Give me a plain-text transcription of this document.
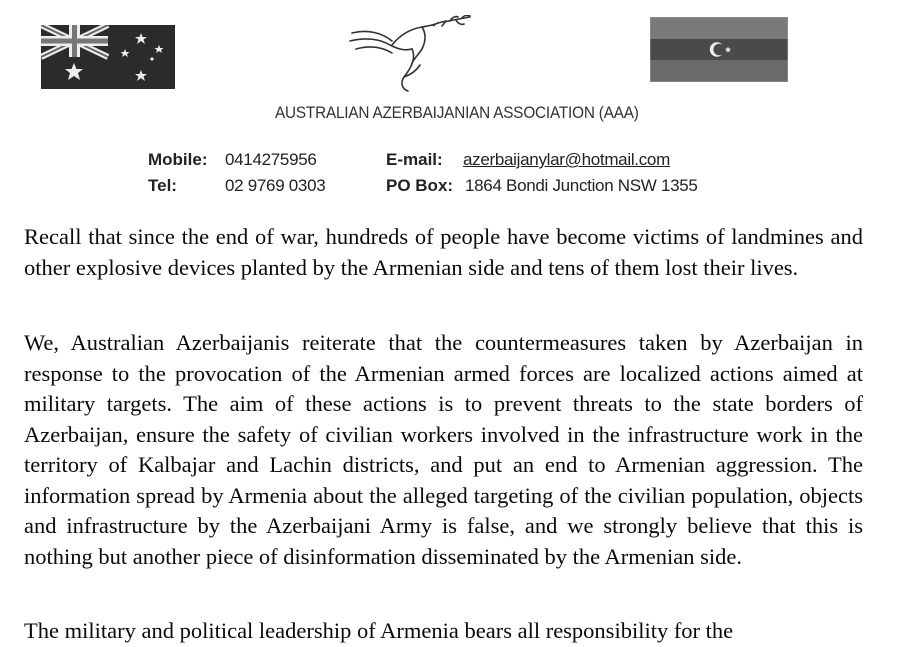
AUSTRALIAN AZERBAIJANIAN ASSOCIATION (AAA)
Mobile: 0414275956
Tel:	02 9769 0303
E-mail: azerbaijanylar@hotmail.com
PO Box: 1864 Bondi Junction NSW 1355
Recall that since the end of war, hundreds of people have become victims of landmines and other explosive devices planted by the Armenian side and tens of them lost their lives.
We, Australian Azerbaijanis reiterate that the countermeasures taken by Azerbaijan in response to the provocation of the Armenian armed forces are localized actions aimed at military targets. The aim of these actions is to prevent threats to the state borders of Azerbaijan, ensure the safety of civilian workers involved in the infrastructure work in the territory of Kalbajar and Lachin districts, and put an end to Armenian aggression. The information spread by Armenia about the alleged targeting of the civilian population, objects and infrastructure by the Azerbaijani Army is false, and we strongly believe that this is nothing but another piece of disinformation disseminated by the Armenian side.
The military and political leadership of Armenia bears all responsibility for the
